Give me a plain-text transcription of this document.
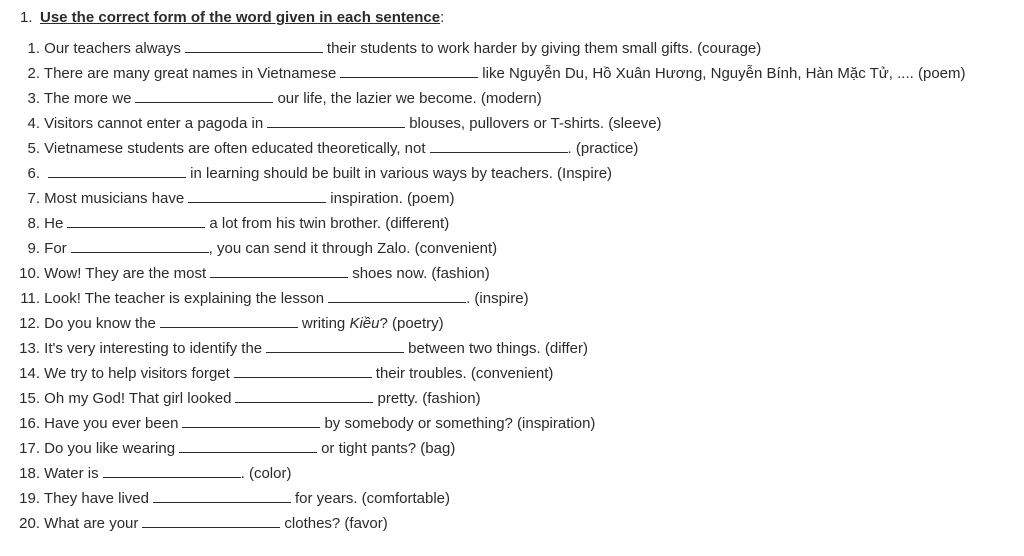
1. Use the correct form of the word given in each sentence:
1. Our teachers always	their students to work harder by giving them small gifts. (courage)
2. There are many great names in Vietnamese	like Nguyễn Du, Hồ Xuân Hương, Nguyễn Bính, Hàn Mặc Tử, .... (poem)
3. The more we	our life, the lazier we become. (modern)
4. Visitors cannot enter a pagoda in	blouses, pullovers or T-shirts. (sleeve)
5. Vietnamese students are often educated theoretically, not	. (practice)
6.	in learning should be built in various ways by teachers. (Inspire)
7. Most musicians have	inspiration. (poem)
8. He	a lot from his twin brother. (different)
9. For	, you can send it through Zalo. (convenient)
10. Wow! They are the most	shoes now. (fashion)
11. Look! The teacher is explaining the lesson	. (inspire)
12. Do you know the	writing Kiều? (poetry)
13. It's very interesting to identify the	between two things. (differ)
14. We try to help visitors forget	their troubles. (convenient)
15. Oh my God! That girl looked	pretty. (fashion)
16. Have you ever been	by somebody or something? (inspiration)
17. Do you like wearing	or tight pants? (bag)
18. Water is	. (color)
19. They have lived	for years. (comfortable)
20. What are your	clothes? (favor)
